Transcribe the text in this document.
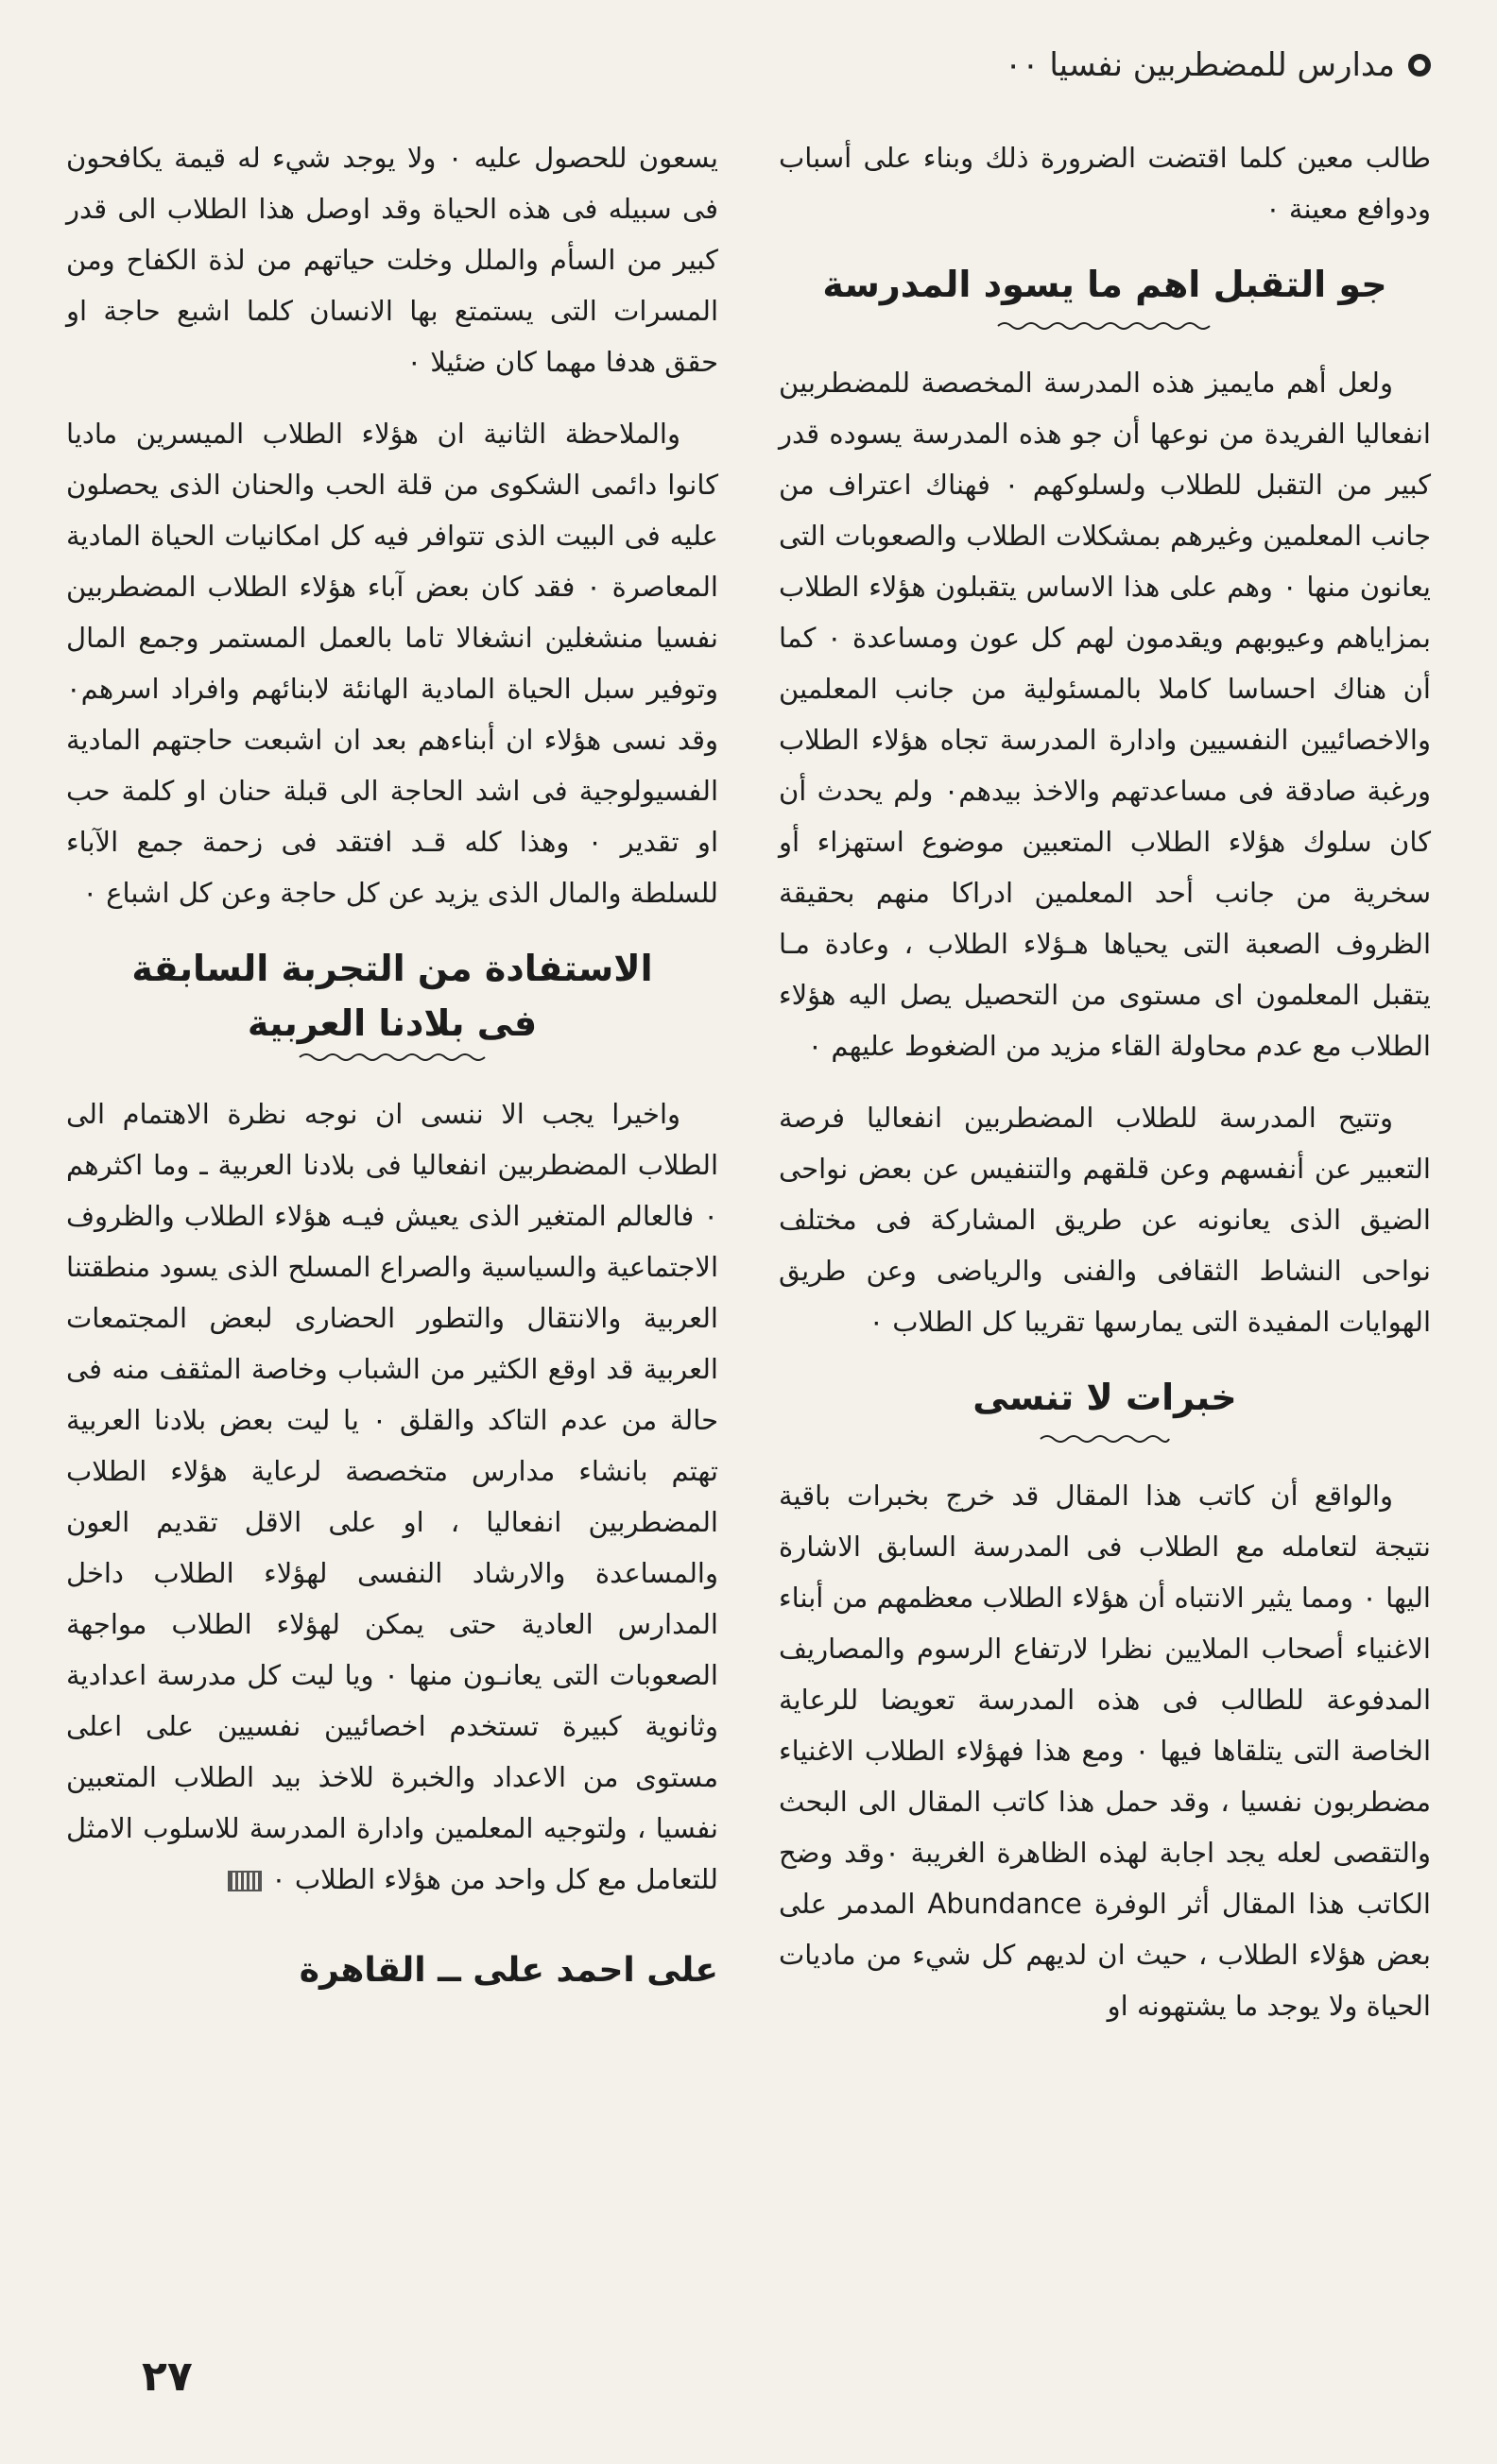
مدارس للمضطربين نفسيا ٠٠

طالب معين كلما اقتضت الضرورة ذلك وبناء على أسباب ودوافع معينة ٠

جو التقبل اهم ما يسود المدرسة

ولعل أهم مايميز هذه المدرسة المخصصة للمضطربين انفعاليا الفريدة من نوعها أن جو هذه المدرسة يسوده قدر كبير من التقبل للطلاب ولسلوكهم ٠ فهناك اعتراف من جانب المعلمين وغيرهم بمشكلات الطلاب والصعوبات التى يعانون منها ٠ وهم على هذا الاساس يتقبلون هؤلاء الطلاب بمزاياهم وعيوبهم ويقدمون لهم كل عون ومساعدة ٠ كما أن هناك احساسا كاملا بالمسئولية من جانب المعلمين والاخصائيين النفسيين وادارة المدرسة تجاه هؤلاء الطلاب ورغبة صادقة فى مساعدتهم والاخذ بيدهم٠ ولم يحدث أن كان سلوك هؤلاء الطلاب المتعبين موضوع استهزاء أو سخرية من جانب أحد المعلمين ادراكا منهم بحقيقة الظروف الصعبة التى يحياها هـؤلاء الطلاب ، وعادة مـا يتقبل المعلمون اى مستوى من التحصيل يصل اليه هؤلاء الطلاب مع عدم محاولة القاء مزيد من الضغوط عليهم ٠

وتتيح المدرسة للطلاب المضطربين انفعاليا فرصة التعبير عن أنفسهم وعن قلقهم والتنفيس عن بعض نواحى الضيق الذى يعانونه عن طريق المشاركة فى مختلف نواحى النشاط الثقافى والفنى والرياضى وعن طريق الهوايات المفيدة التى يمارسها تقريبا كل الطلاب ٠

خبرات لا تنسى

والواقع أن كاتب هذا المقال قد خرج بخبرات باقية نتيجة لتعامله مع الطلاب فى المدرسة السابق الاشارة اليها ٠ ومما يثير الانتباه أن هؤلاء الطلاب معظمهم من أبناء الاغنياء أصحاب الملايين نظرا لارتفاع الرسوم والمصاريف المدفوعة للطالب فى هذه المدرسة تعويضا للرعاية الخاصة التى يتلقاها فيها ٠ ومع هذا فهؤلاء الطلاب الاغنياء مضطربون نفسيا ، وقد حمل هذا كاتب المقال الى البحث والتقصى لعله يجد اجابة لهذه الظاهرة الغريبة ٠وقد وضح الكاتب هذا المقال أثر الوفرة Abundance المدمر على بعض هؤلاء الطلاب ، حيث ان لديهم كل شيء من ماديات الحياة ولا يوجد ما يشتهونه او

يسعون للحصول عليه ٠ ولا يوجد شيء له قيمة يكافحون فى سبيله فى هذه الحياة وقد اوصل هذا الطلاب الى قدر كبير من السأم والملل وخلت حياتهم من لذة الكفاح ومن المسرات التى يستمتع بها الانسان كلما اشبع حاجة او حقق هدفا مهما كان ضئيلا ٠

والملاحظة الثانية ان هؤلاء الطلاب الميسرين ماديا كانوا دائمى الشكوى من قلة الحب والحنان الذى يحصلون عليه فى البيت الذى تتوافر فيه كل امكانيات الحياة المادية المعاصرة ٠ فقد كان بعض آباء هؤلاء الطلاب المضطربين نفسيا منشغلين انشغالا تاما بالعمل المستمر وجمع المال وتوفير سبل الحياة المادية الهانئة لابنائهم وافراد اسرهم٠ وقد نسى هؤلاء ان أبناءهم بعد ان اشبعت حاجتهم المادية الفسيولوجية فى اشد الحاجة الى قبلة حنان او كلمة حب او تقدير ٠ وهذا كله قـد افتقد فى زحمة جمع الآباء للسلطة والمال الذى يزيد عن كل حاجة وعن كل اشباع ٠

الاستفادة من التجربة السابقة
فى بلادنا العربية

واخيرا يجب الا ننسى ان نوجه نظرة الاهتمام الى الطلاب المضطربين انفعاليا فى بلادنا العربية ـ وما اكثرهم ٠ فالعالم المتغير الذى يعيش فيـه هؤلاء الطلاب والظروف الاجتماعية والسياسية والصراع المسلح الذى يسود منطقتنا العربية والانتقال والتطور الحضارى لبعض المجتمعات العربية قد اوقع الكثير من الشباب وخاصة المثقف منه فى حالة من عدم التاكد والقلق ٠ يا ليت بعض بلادنا العربية تهتم بانشاء مدارس متخصصة لرعاية هؤلاء الطلاب المضطربين انفعاليا ، او على الاقل تقديم العون والمساعدة والارشاد النفسى لهؤلاء الطلاب داخل المدارس العادية حتى يمكن لهؤلاء الطلاب مواجهة الصعوبات التى يعانـون منها ٠ ويا ليت كل مدرسة اعدادية وثانوية كبيرة تستخدم اخصائيين نفسيين على اعلى مستوى من الاعداد والخبرة للاخذ بيد الطلاب المتعبين نفسيا ، ولتوجيه المعلمين وادارة المدرسة للاسلوب الامثل للتعامل مع كل واحد من هؤلاء الطلاب ٠

على احمد على ــ القاهرة
٢٧
